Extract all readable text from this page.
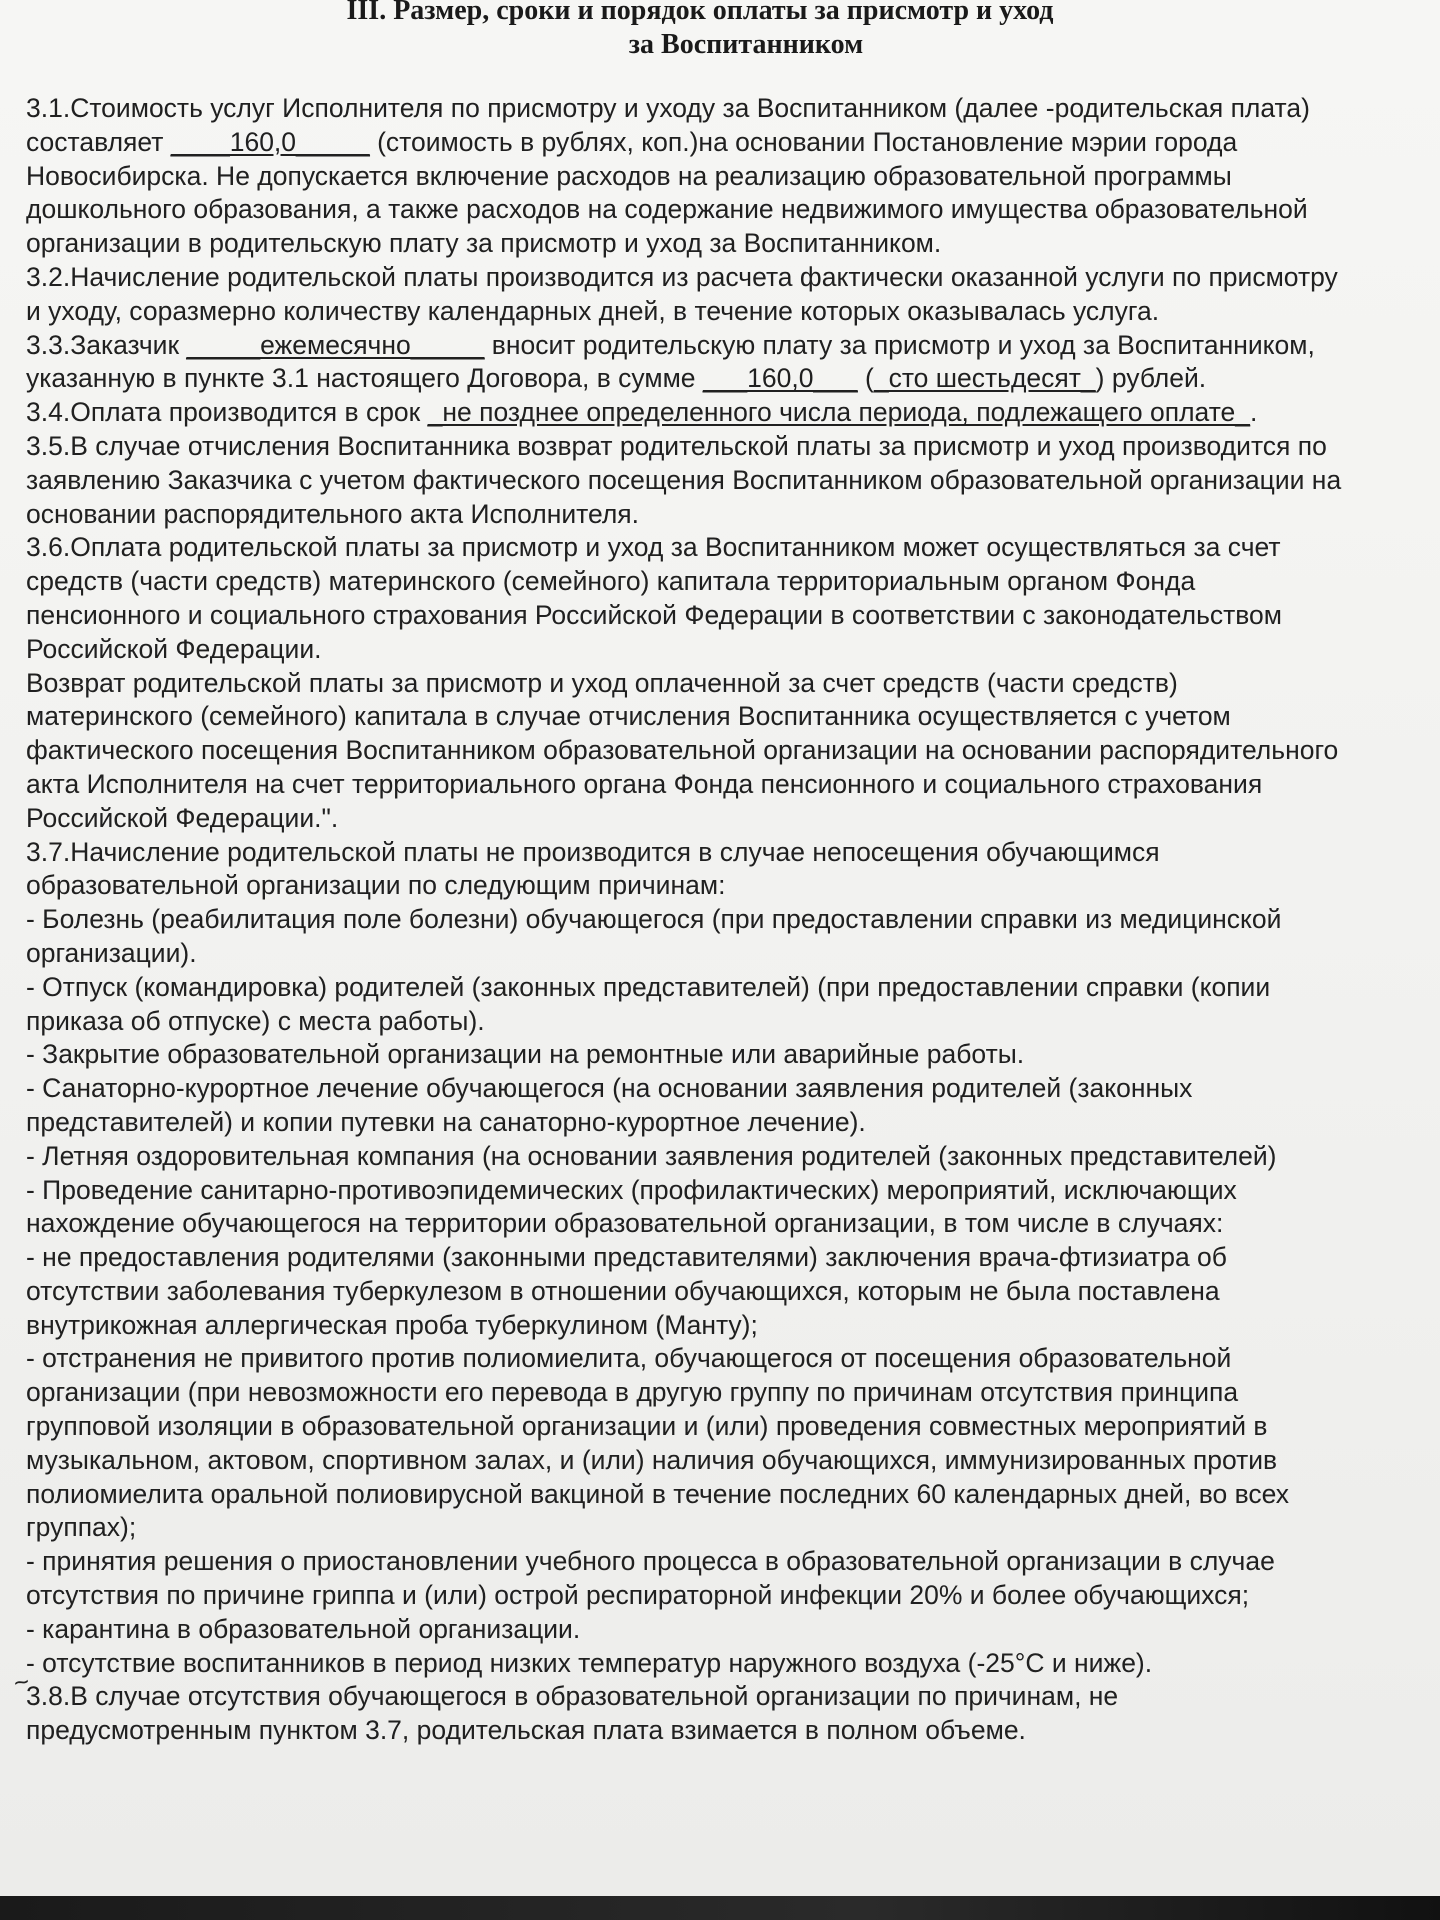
III. Размер, сроки и порядок оплаты за присмотр и уход
за Воспитанником
3.1.Стоимость услуг Исполнителя по присмотру и уходу за Воспитанником (далее -родительская плата)
составляет ____160,0_____ (стоимость в рублях, коп.)на основании Постановление мэрии города
Новосибирска. Не допускается включение расходов на реализацию образовательной программы
дошкольного образования, а также расходов на содержание недвижимого имущества образовательной
организации в родительскую плату за присмотр и уход за Воспитанником.
3.2.Начисление родительской платы производится из расчета фактически оказанной услуги по присмотру
и уходу, соразмерно количеству календарных дней, в течение которых оказывалась услуга.
3.3.Заказчик _____ежемесячно_____ вносит родительскую плату за присмотр и уход за Воспитанником,
указанную в пункте 3.1 настоящего Договора, в сумме ___160,0___ (_сто шестьдесят_) рублей.
3.4.Оплата производится в срок _не позднее определенного числа периода, подлежащего оплате_.
3.5.В случае отчисления Воспитанника возврат родительской платы за присмотр и уход производится по
заявлению Заказчика с учетом фактического посещения Воспитанником образовательной организации на
основании распорядительного акта Исполнителя.
3.6.Оплата родительской платы за присмотр и уход за Воспитанником может осуществляться за счет
средств (части средств) материнского (семейного) капитала территориальным органом Фонда
пенсионного и социального страхования Российской Федерации в соответствии с законодательством
Российской Федерации.
Возврат родительской платы за присмотр и уход оплаченной за счет средств (части средств)
материнского (семейного) капитала в случае отчисления Воспитанника осуществляется с учетом
фактического посещения Воспитанником образовательной организации на основании распорядительного
акта Исполнителя на счет территориального органа Фонда пенсионного и социального страхования
Российской Федерации.".
3.7.Начисление родительской платы не производится в случае непосещения обучающимся
образовательной организации по следующим причинам:
- Болезнь (реабилитация поле болезни) обучающегося (при предоставлении справки из медицинской
организации).
- Отпуск (командировка) родителей (законных представителей) (при предоставлении справки (копии
приказа об отпуске) с места работы).
- Закрытие образовательной организации на ремонтные или аварийные работы.
- Санаторно-курортное лечение обучающегося (на основании заявления родителей (законных
представителей) и копии путевки на санаторно-курортное лечение).
- Летняя оздоровительная компания (на основании заявления родителей (законных представителей)
- Проведение санитарно-противоэпидемических (профилактических) мероприятий, исключающих
нахождение обучающегося на территории образовательной организации, в том числе в случаях:
- не предоставления родителями (законными представителями) заключения врача-фтизиатра об
отсутствии заболевания туберкулезом в отношении обучающихся, которым не была поставлена
внутрикожная аллергическая проба туберкулином (Манту);
- отстранения не привитого против полиомиелита, обучающегося от посещения образовательной
организации (при невозможности его перевода в другую группу по причинам отсутствия принципа
групповой изоляции в образовательной организации и (или) проведения совместных мероприятий в
музыкальном, актовом, спортивном залах, и (или) наличия обучающихся, иммунизированных против
полиомиелита оральной полиовирусной вакциной в течение последних 60 календарных дней, во всех
группах);
- принятия решения о приостановлении учебного процесса в образовательной организации в случае
отсутствия по причине гриппа и (или) острой респираторной инфекции 20% и более обучающихся;
- карантина в образовательной организации.
- отсутствие воспитанников в период низких температур наружного воздуха (-25°С и ниже).
3.8.В случае отсутствия обучающегося в образовательной организации по причинам, не
предусмотренным пунктом 3.7, родительская плата взимается в полном объеме.
~
